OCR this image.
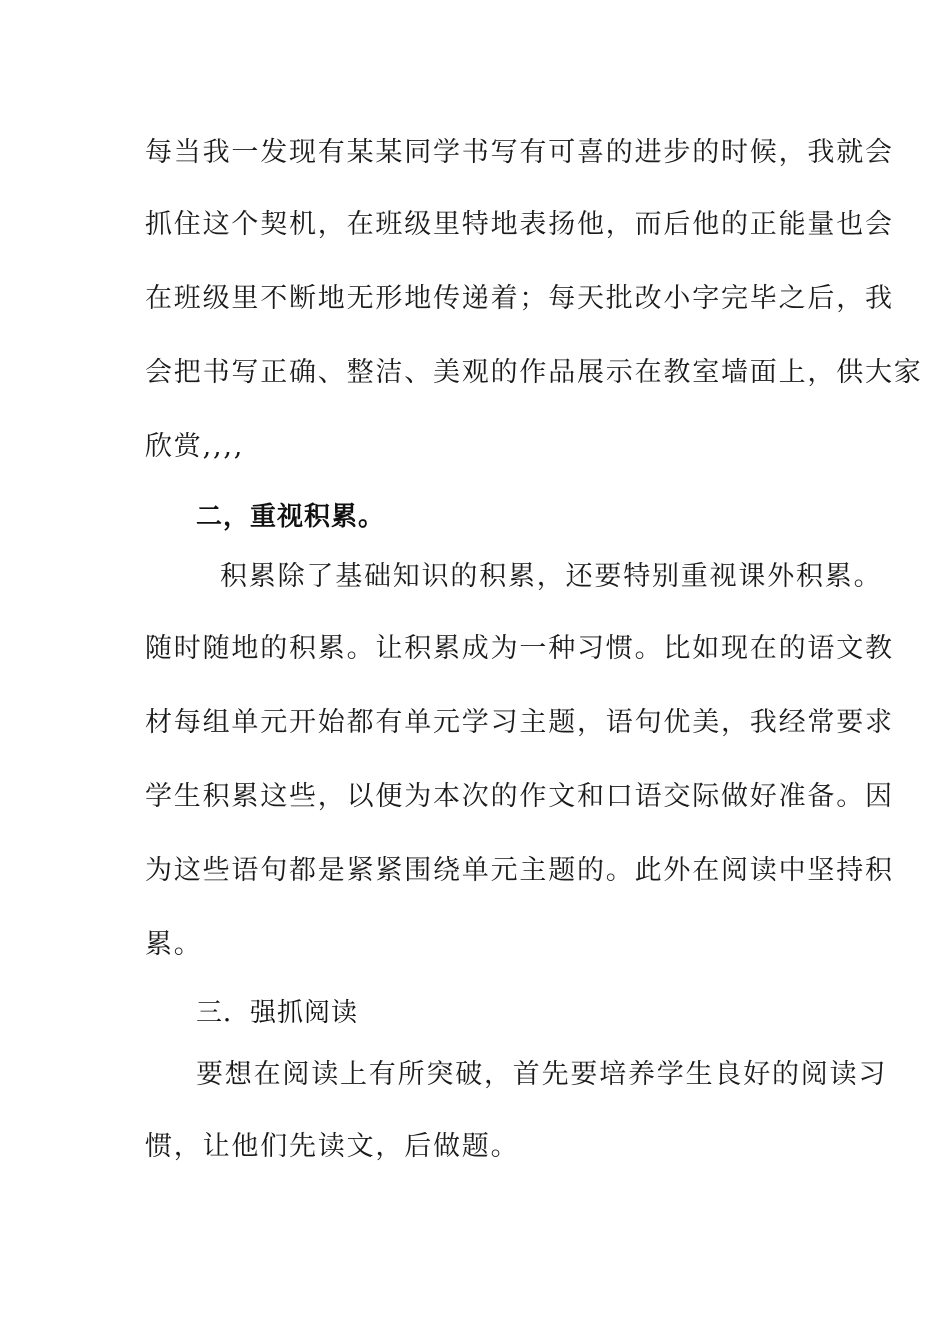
每当我一发现有某某同学书写有可喜的进步的时候，我就会
抓住这个契机，在班级里特地表扬他，而后他的正能量也会
在班级里不断地无形地传递着；每天批改小字完毕之后，我
会把书写正确、整洁、美观的作品展示在教室墙面上，供大家
欣赏,,,,
二，重视积累。
积累除了基础知识的积累，还要特别重视课外积累。
随时随地的积累。让积累成为一种习惯。比如现在的语文教
材每组单元开始都有单元学习主题，语句优美，我经常要求
学生积累这些，以便为本次的作文和口语交际做好准备。因
为这些语句都是紧紧围绕单元主题的。此外在阅读中坚持积
累。
三．强抓阅读
要想在阅读上有所突破，首先要培养学生良好的阅读习
惯，让他们先读文，后做题。
